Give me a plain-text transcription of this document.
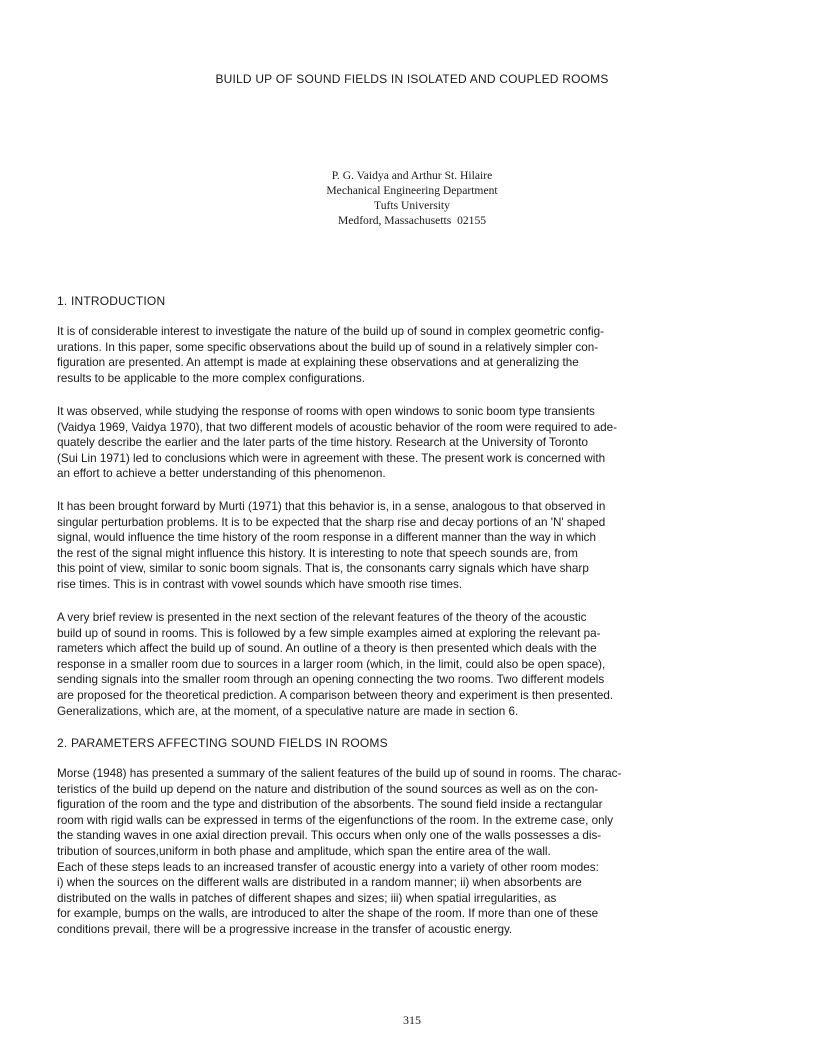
BUILD UP OF SOUND FIELDS IN ISOLATED AND COUPLED ROOMS
P. G. Vaidya and Arthur St. Hilaire
Mechanical Engineering Department
Tufts University
Medford, Massachusetts  02155
1. INTRODUCTION
It is of considerable interest to investigate the nature of the build up of sound in complex geometric config-
urations. In this paper, some specific observations about the build up of sound in a relatively simpler con-
figuration are presented. An attempt is made at explaining these observations and at generalizing the
results to be applicable to the more complex configurations.
It was observed, while studying the response of rooms with open windows to sonic boom type transients
(Vaidya 1969, Vaidya 1970), that two different models of acoustic behavior of the room were required to ade-
quately describe the earlier and the later parts of the time history. Research at the University of Toronto
(Sui Lin 1971) led to conclusions which were in agreement with these. The present work is concerned with
an effort to achieve a better understanding of this phenomenon.
It has been brought forward by Murti (1971) that this behavior is, in a sense, analogous to that observed in
singular perturbation problems. It is to be expected that the sharp rise and decay portions of an 'N' shaped
signal, would influence the time history of the room response in a different manner than the way in which
the rest of the signal might influence this history. It is interesting to note that speech sounds are, from
this point of view, similar to sonic boom signals. That is, the consonants carry signals which have sharp
rise times. This is in contrast with vowel sounds which have smooth rise times.
A very brief review is presented in the next section of the relevant features of the theory of the acoustic
build up of sound in rooms. This is followed by a few simple examples aimed at exploring the relevant pa-
rameters which affect the build up of sound. An outline of a theory is then presented which deals with the
response in a smaller room due to sources in a larger room (which, in the limit, could also be open space),
sending signals into the smaller room through an opening connecting the two rooms. Two different models
are proposed for the theoretical prediction. A comparison between theory and experiment is then presented.
Generalizations, which are, at the moment, of a speculative nature are made in section 6.
2. PARAMETERS AFFECTING SOUND FIELDS IN ROOMS
Morse (1948) has presented a summary of the salient features of the build up of sound in rooms. The charac-
teristics of the build up depend on the nature and distribution of the sound sources as well as on the con-
figuration of the room and the type and distribution of the absorbents. The sound field inside a rectangular
room with rigid walls can be expressed in terms of the eigenfunctions of the room. In the extreme case, only
the standing waves in one axial direction prevail. This occurs when only one of the walls possesses a dis-
tribution of sources,uniform in both phase and amplitude, which span the entire area of the wall.
Each of these steps leads to an increased transfer of acoustic energy into a variety of other room modes:
i) when the sources on the different walls are distributed in a random manner; ii) when absorbents are
distributed on the walls in patches of different shapes and sizes; iii) when spatial irregularities, as
for example, bumps on the walls, are introduced to alter the shape of the room. If more than one of these
conditions prevail, there will be a progressive increase in the transfer of acoustic energy.
315
